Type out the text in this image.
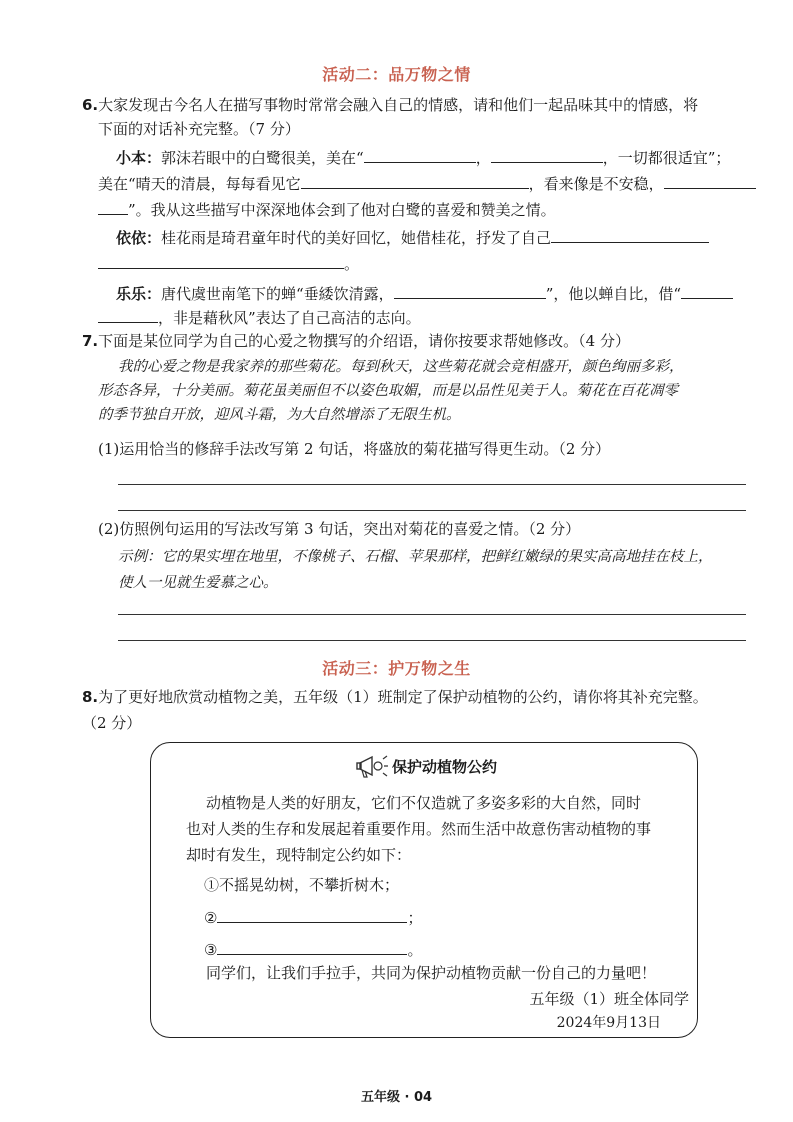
活动二：品万物之情
6.大家发现古今名人在描写事物时常常会融入自己的情感，请和他们一起品味其中的情感，将
下面的对话补充完整。（7 分）
小本：郭沫若眼中的白鹭很美，美在“	，	，一切都很适宜”；
美在“晴天的清晨，每每看见它	，看来像是不安稳，
”。我从这些描写中深深地体会到了他对白鹭的喜爱和赞美之情。
依依：桂花雨是琦君童年时代的美好回忆，她借桂花，抒发了自己
。
乐乐：唐代虞世南笔下的蝉“垂緌饮清露，	”，他以蝉自比，借“
，非是藉秋风”表达了自己高洁的志向。
7.下面是某位同学为自己的心爱之物撰写的介绍语，请你按要求帮她修改。（4 分）
我的心爱之物是我家养的那些菊花。每到秋天，这些菊花就会竞相盛开，颜色绚丽多彩，
形态各异，十分美丽。菊花虽美丽但不以姿色取媚，而是以品性见美于人。菊花在百花凋零
的季节独自开放，迎风斗霜，为大自然增添了无限生机。
(1)运用恰当的修辞手法改写第 2 句话，将盛放的菊花描写得更生动。（2 分）
(2)仿照例句运用的写法改写第 3 句话，突出对菊花的喜爱之情。（2 分）
示例：它的果实埋在地里，不像桃子、石榴、苹果那样，把鲜红嫩绿的果实高高地挂在枝上，
使人一见就生爱慕之心。
活动三：护万物之生
8.为了更好地欣赏动植物之美，五年级（1）班制定了保护动植物的公约，请你将其补充完整。
（2 分）
保护动植物公约
动植物是人类的好朋友，它们不仅造就了多姿多彩的大自然，同时
也对人类的生存和发展起着重要作用。然而生活中故意伤害动植物的事
却时有发生，现特制定公约如下：
①不摇晃幼树，不攀折树木；
②	；
③	。
同学们，让我们手拉手，共同为保护动植物贡献一份自己的力量吧！
五年级（1）班全体同学
2024年9月13日
五年级 · 04
